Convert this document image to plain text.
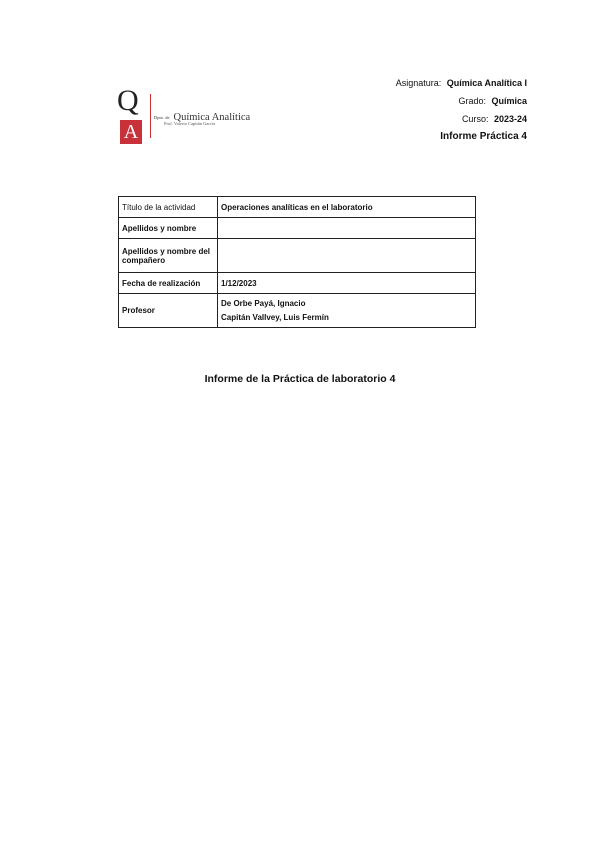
Q
A
Dpto. de Química Analítica
Prof. Valerio Capitán García
Asignatura: Química Analítica I
Grado: Química
Curso: 2023-24
Informe Práctica 4
Título de la actividad	Operaciones analíticas en el laboratorio
Apellidos y nombre	
Apellidos y nombre del compañero	
Fecha de realización	1/12/2023
Profesor	De Orbe Payá, Ignacio
Capitán Vallvey, Luis Fermín
Informe de la Práctica de laboratorio 4
